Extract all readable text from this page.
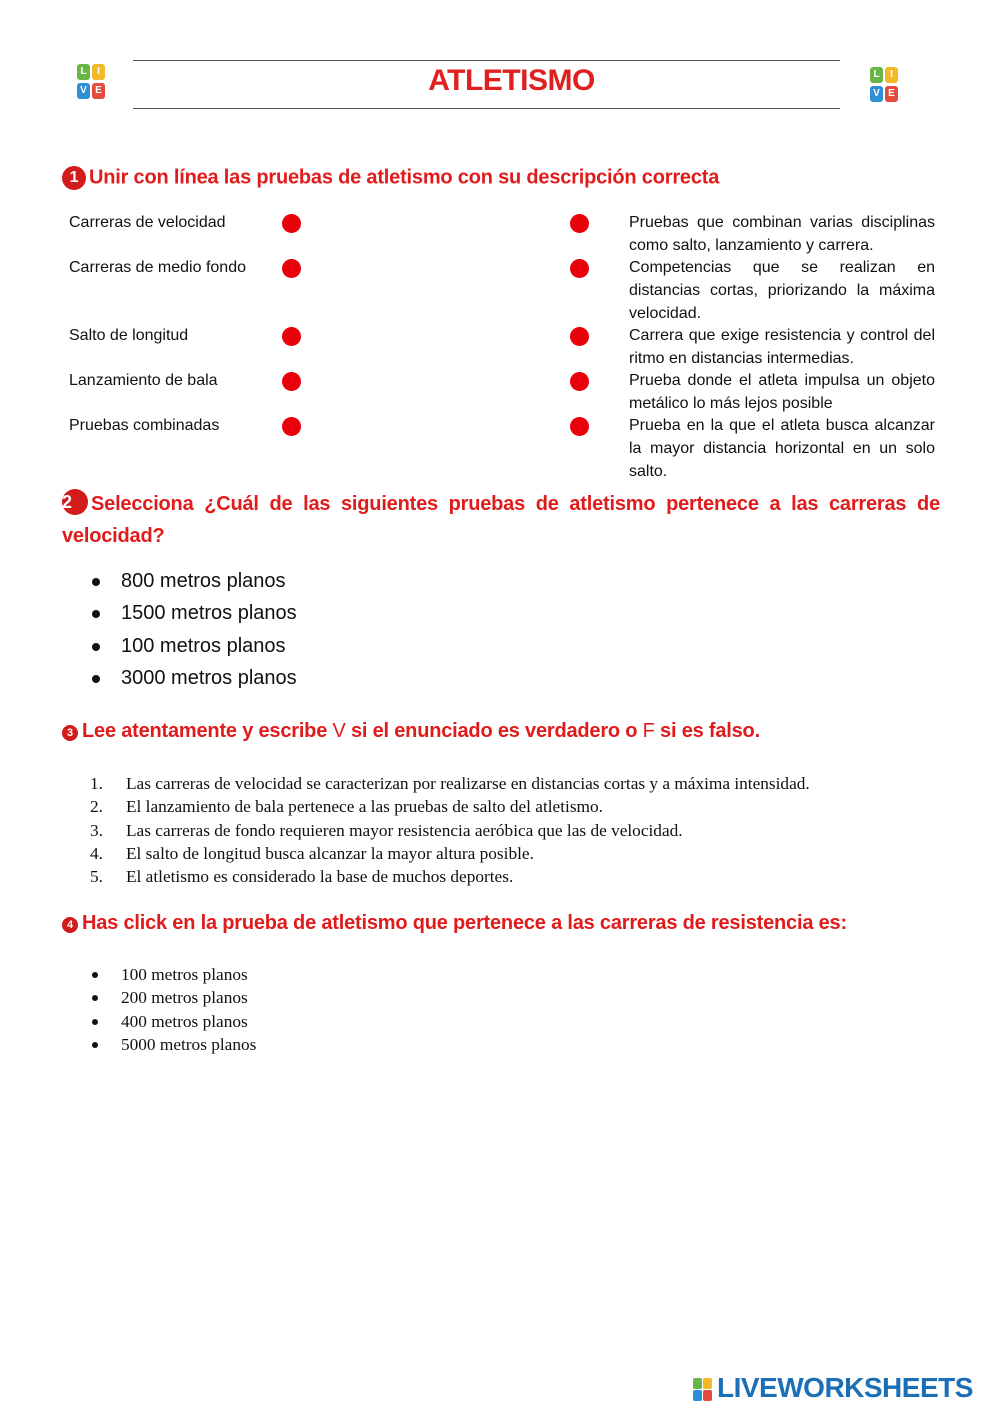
L	I
V E
L	I
V E
ATLETISMO
1 Unir con línea las pruebas de atletismo con su descripción correcta
Carreras de velocidad
Carreras de medio fondo
Salto de longitud
Lanzamiento de bala
Pruebas combinadas
Pruebas que combinan varias disciplinas como salto, lanzamiento y carrera.
Competencias que se realizan en distancias cortas, priorizando la máxima velocidad.
Carrera que exige resistencia y control del ritmo en distancias intermedias.
Prueba donde el atleta impulsa un objeto metálico lo más lejos posible
Prueba en la que el atleta busca alcanzar la mayor distancia horizontal en un solo salto.
2 Selecciona ¿Cuál de las siguientes pruebas de atletismo pertenece a las carreras de velocidad?
800 metros planos
1500 metros planos
100 metros planos
3000 metros planos
3 Lee atentamente y escribe V si el enunciado es verdadero o F si es falso.
1. Las carreras de velocidad se caracterizan por realizarse en distancias cortas y a máxima intensidad.
2. El lanzamiento de bala pertenece a las pruebas de salto del atletismo.
3. Las carreras de fondo requieren mayor resistencia aeróbica que las de velocidad.
4. El salto de longitud busca alcanzar la mayor altura posible.
5. El atletismo es considerado la base de muchos deportes.
4 Has click en la prueba de atletismo que pertenece a las carreras de resistencia es:
100 metros planos
200 metros planos
400 metros planos
5000 metros planos
LIVEWORKSHEETS
